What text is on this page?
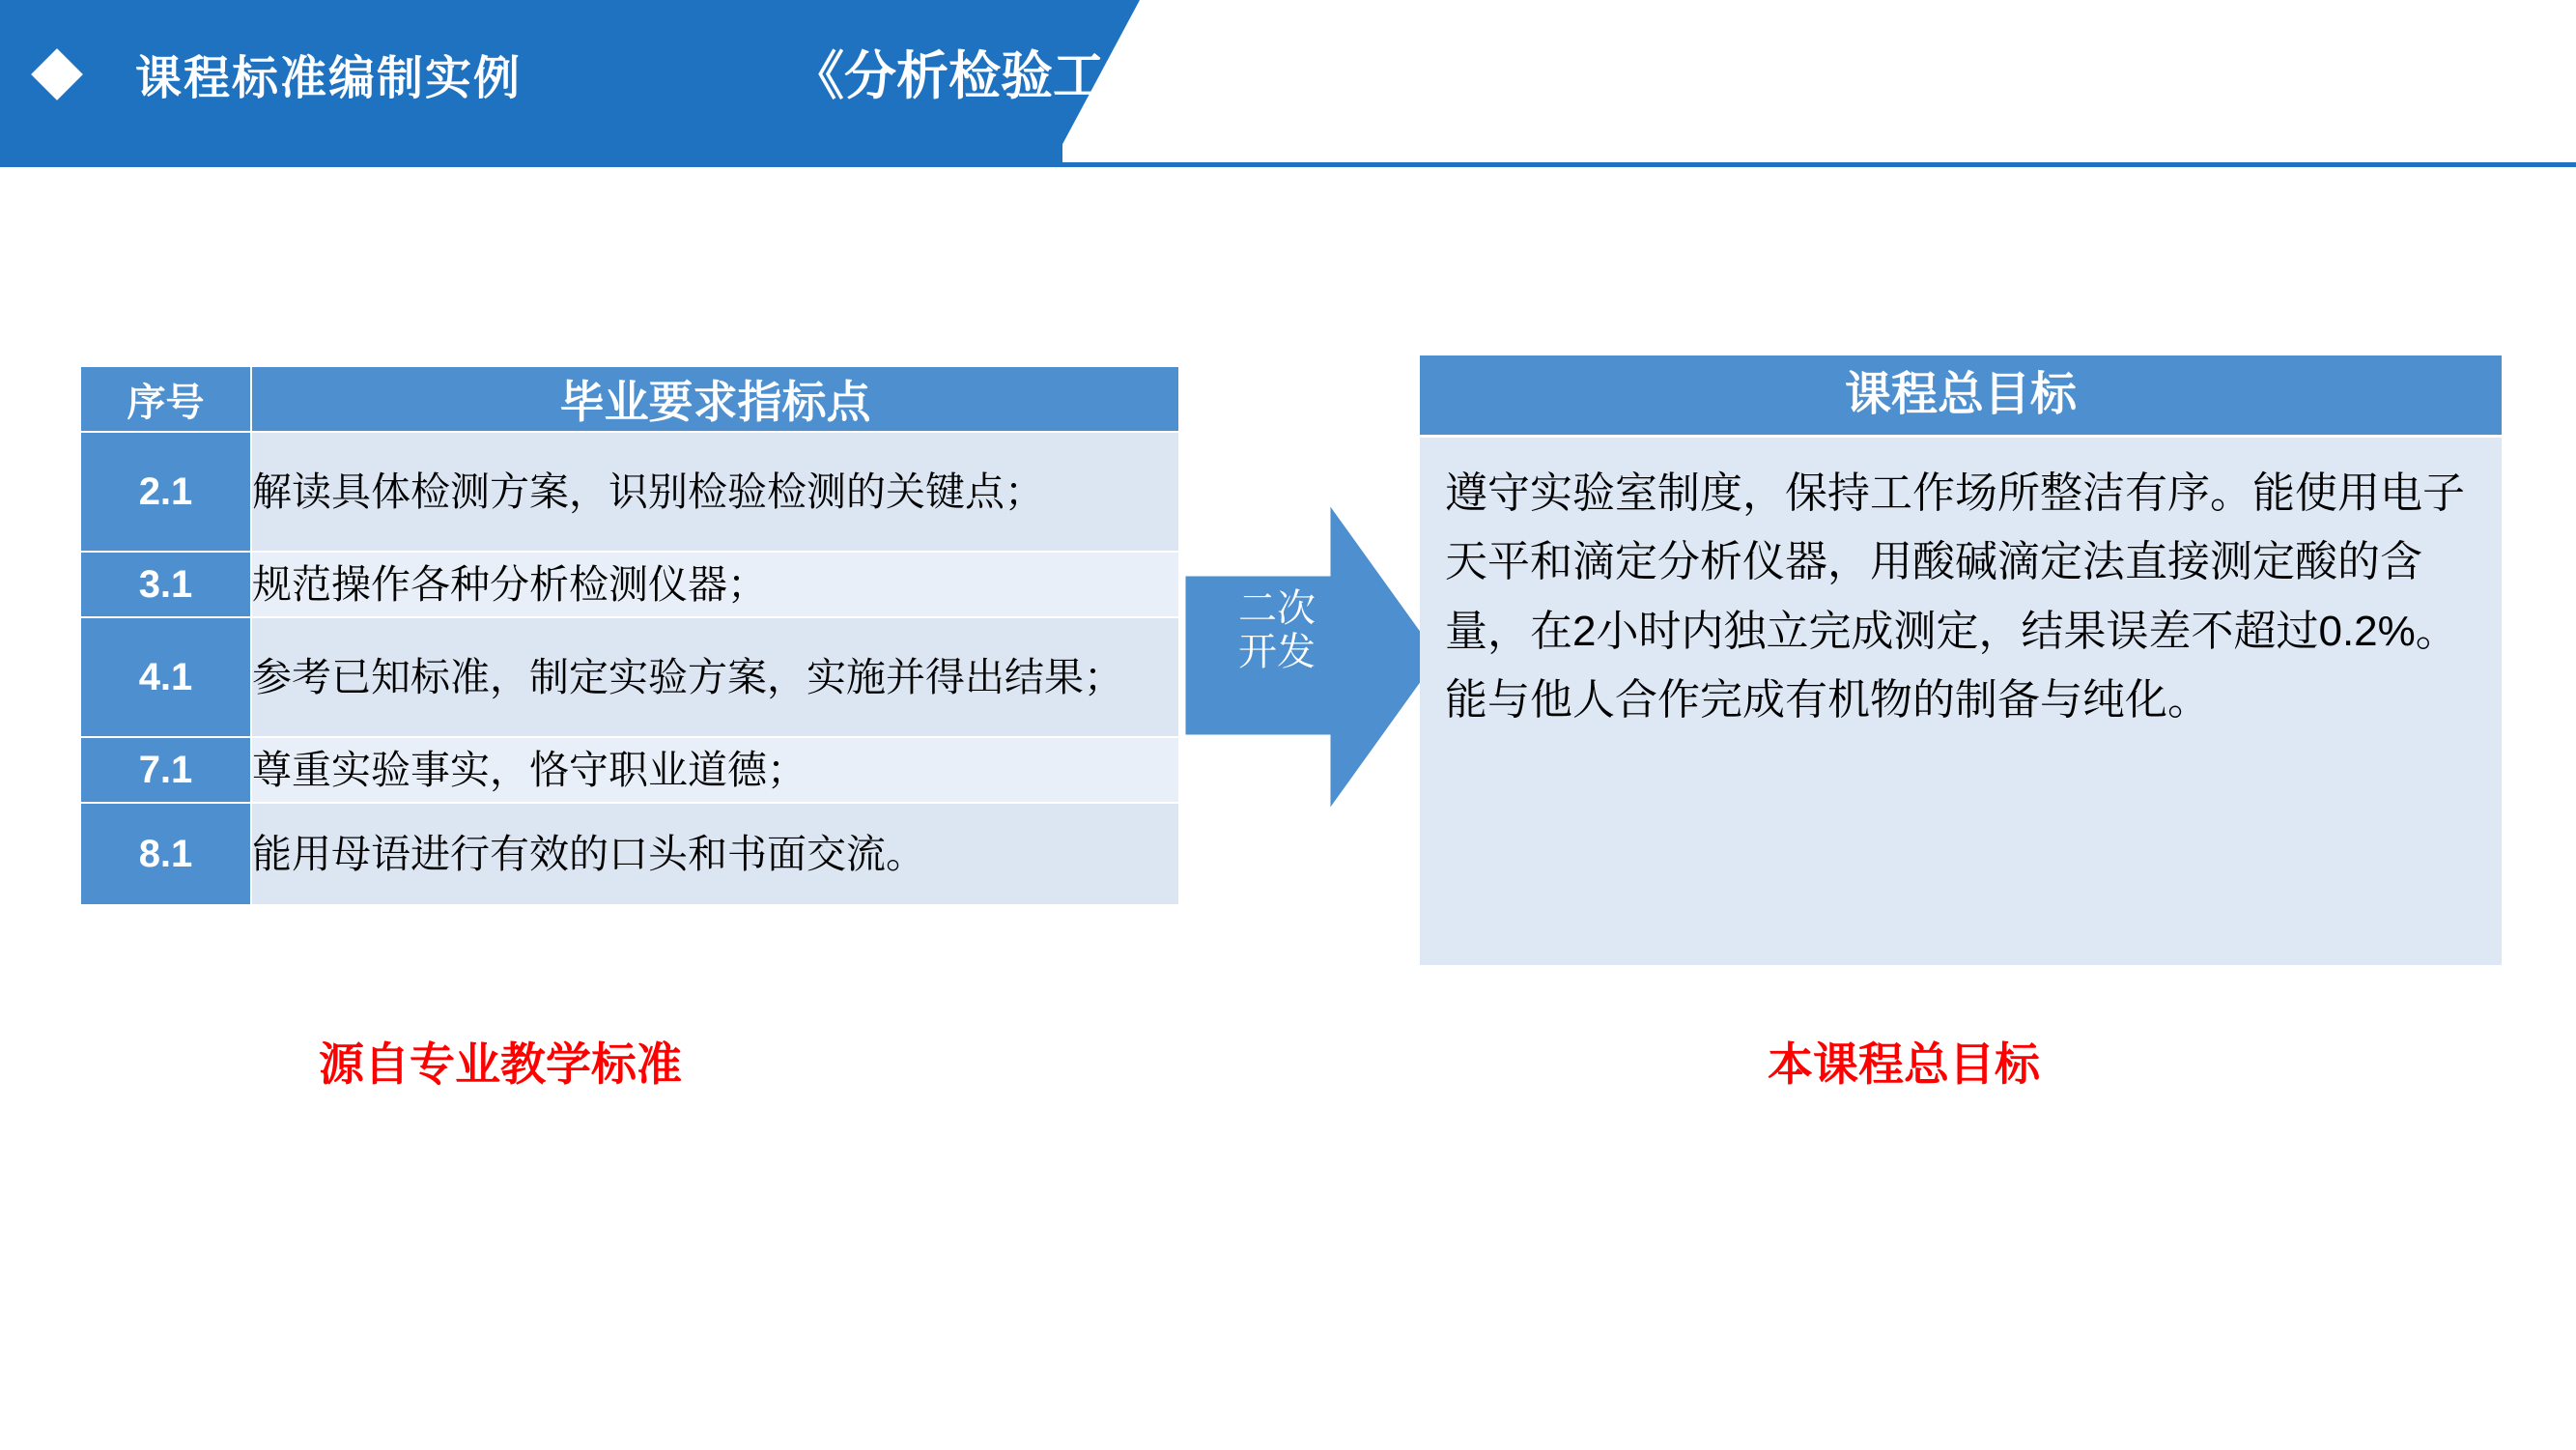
课程标准编制实例	《分析检验工作概貌》课程
序号	毕业要求指标点
2.1	解读具体检测方案，识别检验检测的关键点；
3.1	规范操作各种分析检测仪器；
4.1	参考已知标准，制定实验方案，实施并得出结果；
7.1	尊重实验事实，恪守职业道德；
8.1	能用母语进行有效的口头和书面交流。
源自专业教学标准
二次
开发
课程总目标
遵守实验室制度，保持工作场所整洁有序。能使用电子天平和滴定分析仪器，用酸碱滴定法直接测定酸的含量，在2小时内独立完成测定，结果误差不超过0.2%。能与他人合作完成有机物的制备与纯化。
本课程总目标
